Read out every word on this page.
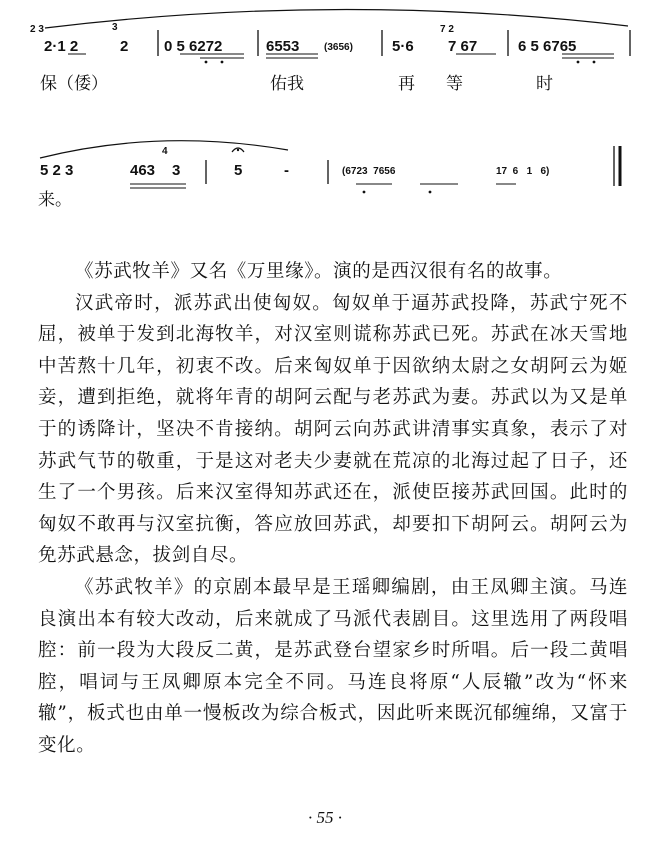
2 3
2·1 2
3
2 0 5 6272	6553 (3656)	5·6
7 2
7 67	6 5 6765
保（倭）	佑我	再 等	时
5 2 3	463
4
3	5	-	(6723  7656	17  6   1   6)
来。

《苏武牧羊》又名《万里缘》。演的是西汉很有名的故事。

汉武帝时，派苏武出使匈奴。匈奴单于逼苏武投降，苏武宁死不屈，被单于发到北海牧羊，对汉室则谎称苏武已死。苏武在冰天雪地中苦熬十几年，初衷不改。后来匈奴单于因欲纳太尉之女胡阿云为姬妾，遭到拒绝，就将年青的胡阿云配与老苏武为妻。苏武以为又是单于的诱降计，坚决不肯接纳。胡阿云向苏武讲清事实真象，表示了对苏武气节的敬重，于是这对老夫少妻就在荒凉的北海过起了日子，还生了一个男孩。后来汉室得知苏武还在，派使臣接苏武回国。此时的匈奴不敢再与汉室抗衡，答应放回苏武，却要扣下胡阿云。胡阿云为免苏武悬念，拔剑自尽。

《苏武牧羊》的京剧本最早是王瑶卿编剧，由王凤卿主演。马连良演出本有较大改动，后来就成了马派代表剧目。这里选用了两段唱腔：前一段为大段反二黄，是苏武登台望家乡时所唱。后一段二黄唱腔，唱词与王凤卿原本完全不同。马连良将原“人辰辙”改为“怀来辙”，板式也由单一慢板改为综合板式，因此听来既沉郁缠绵，又富于变化。

· 55 ·
